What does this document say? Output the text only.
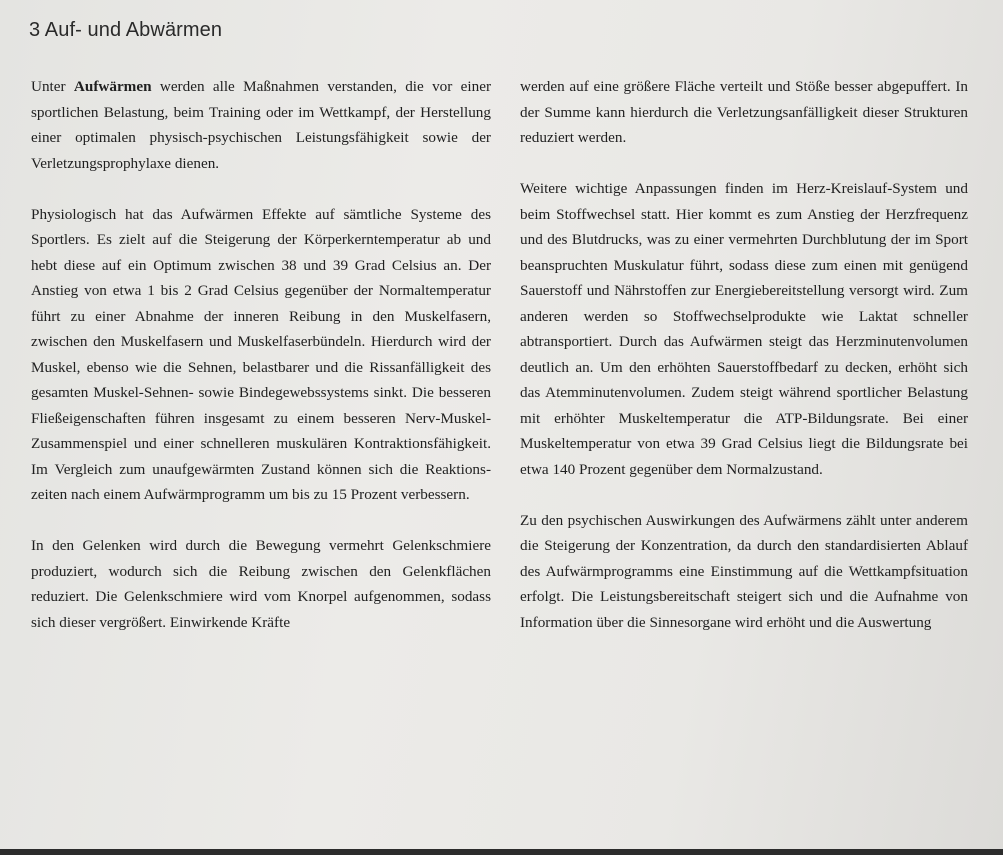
3 Auf- und Abwärmen

Unter Aufwärmen werden alle Maßnahmen verstanden, die vor einer sportlichen Belastung, beim Training oder im Wettkampf, der Herstellung einer optimalen physisch-psychischen Leistungsfähigkeit sowie der Verletzungsprophylaxe dienen.

Physiologisch hat das Aufwärmen Effekte auf sämtliche Systeme des Sportlers. Es zielt auf die Steigerung der Körperkerntemperatur ab und hebt diese auf ein Optimum zwischen 38 und 39 Grad Celsius an. Der Anstieg von etwa 1 bis 2 Grad Celsius gegenüber der Normaltemperatur führt zu einer Abnahme der inneren Reibung in den Muskelfasern, zwischen den Muskelfasern und Muskelfaserbündeln. Hierdurch wird der Muskel, ebenso wie die Sehnen, belastbarer und die Rissanfälligkeit des gesamten Muskel-Sehnen- sowie Bindegewebssystems sinkt. Die besseren Fließeigenschaften führen insgesamt zu einem besseren Nerv-Muskel-Zusammenspiel und einer schnelleren muskulären Kontraktionsfähigkeit. Im Vergleich zum unaufgewärmten Zustand können sich die Reaktionszeiten nach einem Aufwärmprogramm um bis zu 15 Prozent verbessern.

In den Gelenken wird durch die Bewegung vermehrt Gelenkschmiere produziert, wodurch sich die Reibung zwischen den Gelenkflächen reduziert. Die Gelenkschmiere wird vom Knorpel aufgenommen, sodass sich dieser vergrößert. Einwirkende Kräfte

werden auf eine größere Fläche verteilt und Stöße besser abgepuffert. In der Summe kann hierdurch die Verletzungsanfälligkeit dieser Strukturen reduziert werden.

Weitere wichtige Anpassungen finden im Herz-Kreislauf-System und beim Stoffwechsel statt. Hier kommt es zum Anstieg der Herzfrequenz und des Blutdrucks, was zu einer vermehrten Durchblutung der im Sport beanspruchten Muskulatur führt, sodass diese zum einen mit genügend Sauerstoff und Nährstoffen zur Energiebereitstellung versorgt wird. Zum anderen werden so Stoffwechselprodukte wie Laktat schneller abtransportiert. Durch das Aufwärmen steigt das Herzminutenvolumen deutlich an. Um den erhöhten Sauerstoffbedarf zu decken, erhöht sich das Atemminutenvolumen. Zudem steigt während sportlicher Belastung mit erhöhter Muskeltemperatur die ATP-Bildungsrate. Bei einer Muskeltemperatur von etwa 39 Grad Celsius liegt die Bildungsrate bei etwa 140 Prozent gegenüber dem Normalzustand.

Zu den psychischen Auswirkungen des Aufwärmens zählt unter anderem die Steigerung der Konzentration, da durch den standardisierten Ablauf des Aufwärmprogramms eine Einstimmung auf die Wettkampfsituation erfolgt. Die Leistungsbereitschaft steigert sich und die Aufnahme von Information über die Sinnesorgane wird erhöht und die Auswertung
